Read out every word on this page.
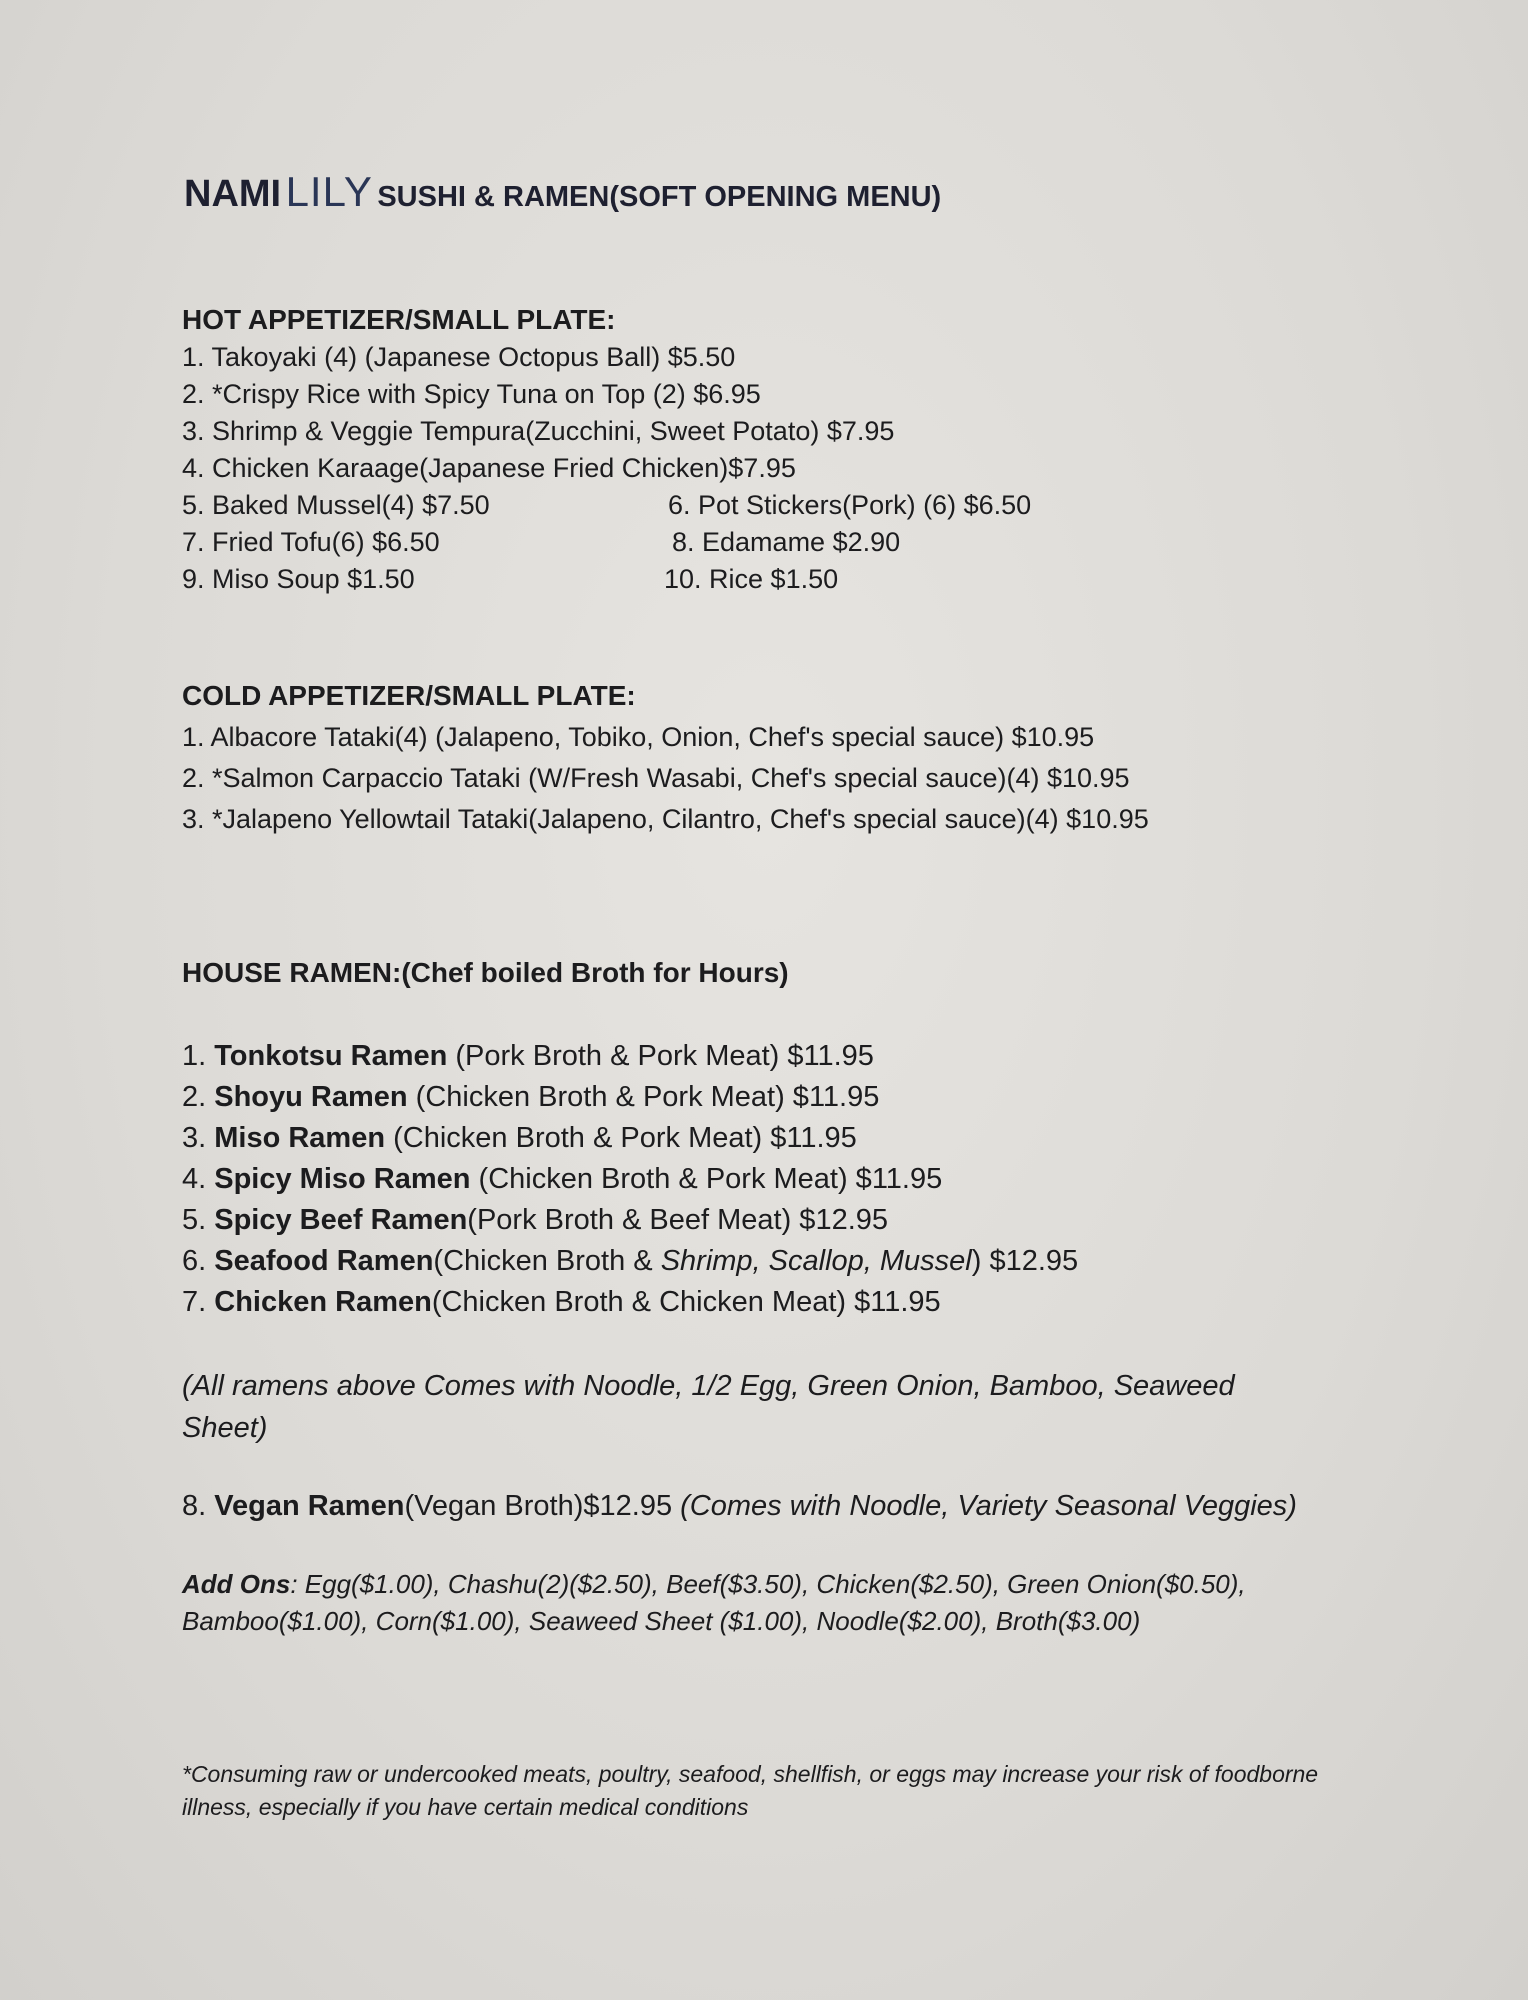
NAMI LILY SUSHI & RAMEN(SOFT OPENING MENU)
HOT APPETIZER/SMALL PLATE:
1. Takoyaki (4) (Japanese Octopus Ball) $5.50
2. *Crispy Rice with Spicy Tuna on Top (2) $6.95
3. Shrimp & Veggie Tempura(Zucchini, Sweet Potato) $7.95
4. Chicken Karaage(Japanese Fried Chicken)$7.95
5. Baked Mussel(4) $7.50	6. Pot Stickers(Pork) (6) $6.50
7. Fried Tofu(6) $6.50	8. Edamame $2.90
9. Miso Soup $1.50	10. Rice $1.50
COLD APPETIZER/SMALL PLATE:
1. Albacore Tataki(4) (Jalapeno, Tobiko, Onion, Chef's special sauce) $10.95
2. *Salmon Carpaccio Tataki (W/Fresh Wasabi, Chef's special sauce)(4) $10.95
3. *Jalapeno Yellowtail Tataki(Jalapeno, Cilantro, Chef's special sauce)(4) $10.95
HOUSE RAMEN:(Chef boiled Broth for Hours)
1. Tonkotsu Ramen (Pork Broth & Pork Meat) $11.95
2. Shoyu Ramen (Chicken Broth & Pork Meat) $11.95
3. Miso Ramen (Chicken Broth & Pork Meat) $11.95
4. Spicy Miso Ramen (Chicken Broth & Pork Meat) $11.95
5. Spicy Beef Ramen(Pork Broth & Beef Meat) $12.95
6. Seafood Ramen(Chicken Broth & Shrimp, Scallop, Mussel) $12.95
7. Chicken Ramen(Chicken Broth & Chicken Meat) $11.95
(All ramens above Comes with Noodle, 1/2 Egg, Green Onion, Bamboo, Seaweed Sheet)
8. Vegan Ramen(Vegan Broth)$12.95 (Comes with Noodle, Variety Seasonal Veggies)
Add Ons: Egg($1.00), Chashu(2)($2.50), Beef($3.50), Chicken($2.50), Green Onion($0.50), Bamboo($1.00), Corn($1.00), Seaweed Sheet ($1.00), Noodle($2.00), Broth($3.00)
*Consuming raw or undercooked meats, poultry, seafood, shellfish, or eggs may increase your risk of foodborne illness, especially if you have certain medical conditions
